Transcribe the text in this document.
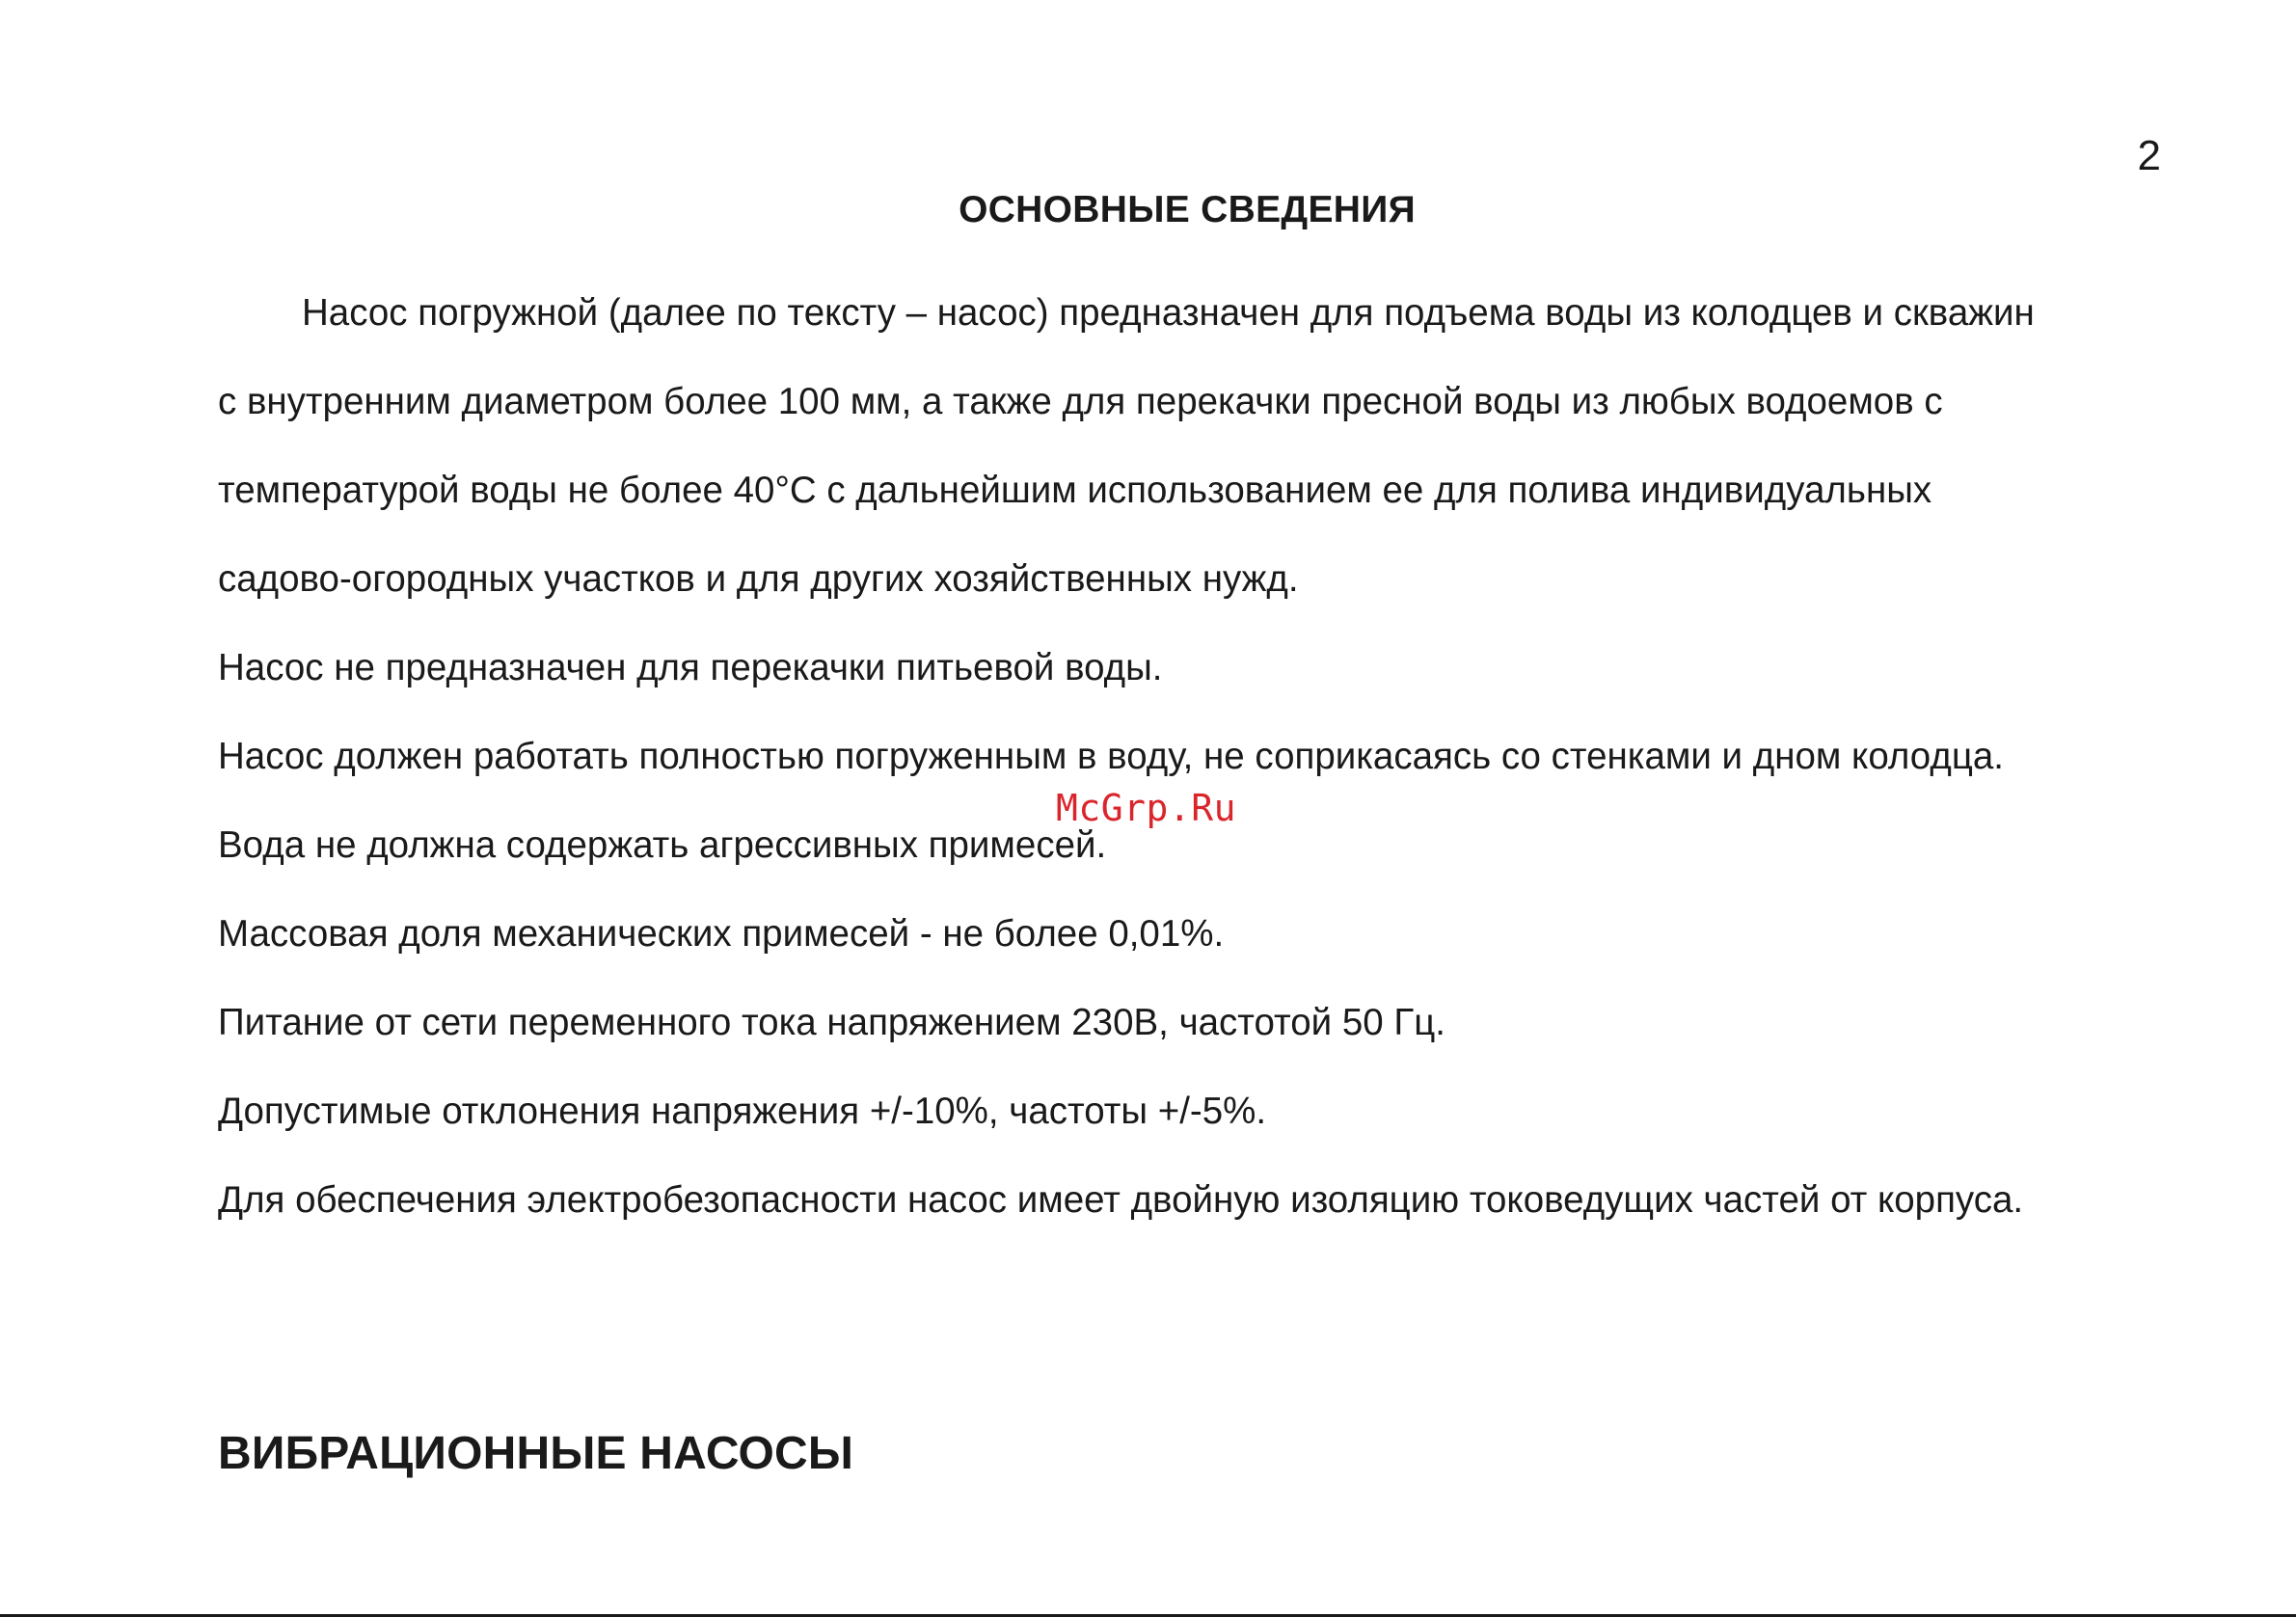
2
ОСНОВНЫЕ СВЕДЕНИЯ

Насос погружной (далее по тексту – насос) предназначен для подъема воды из колодцев и скважин

с внутренним диаметром более 100 мм, а также для перекачки пресной воды из любых водоемов с

температурой воды не более 40°С с дальнейшим использованием ее для полива индивидуальных

садово-огородных участков и для других хозяйственных нужд.

Насос не предназначен для перекачки питьевой воды.

Насос должен работать полностью погруженным в воду, не соприкасаясь со стенками и дном колодца.

Вода не должна содержать агрессивных примесей.

Массовая доля механических примесей - не более 0,01%.

Питание от сети переменного тока напряжением 230В, частотой 50 Гц.

Допустимые отклонения напряжения +/-10%, частоты +/-5%.

Для обеспечения электробезопасности насос имеет двойную изоляцию токоведущих частей от корпуса.

McGrp.Ru
ВИБРАЦИОННЫЕ НАСОСЫ
